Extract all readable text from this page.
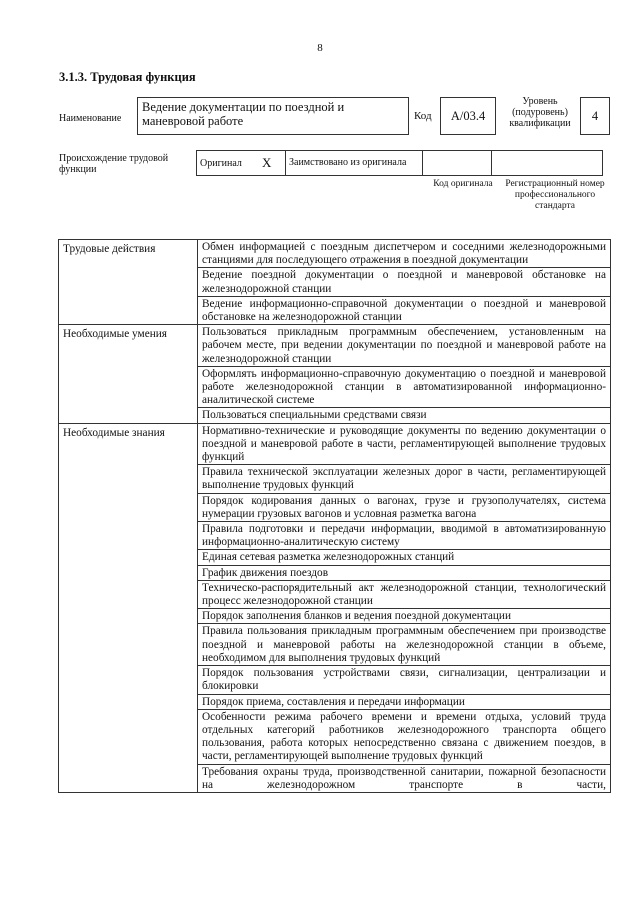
8
3.1.3. Трудовая функция
Наименование
Ведение документации по поездной и маневровой работе	Код	А/03.4
Уровень (подуровень) квалификации
4
Происхождение трудовой функции
Оригинал	X	Заимствовано из оригинала		
Код оригинала	Регистрационный номер профессионального стандарта
Трудовые действия	Обмен информацией с поездным диспетчером и соседними железнодорожными станциями для последующего отражения в поездной документации
	Ведение поездной документации о поездной и маневровой обстановке на железнодорожной станции
	Ведение информационно-справочной документации о поездной и маневровой обстановке на железнодорожной станции
Необходимые умения	Пользоваться прикладным программным обеспечением, установленным на рабочем месте, при ведении документации по поездной и маневровой работе на железнодорожной станции
	Оформлять информационно-справочную документацию о поездной и маневровой работе железнодорожной станции в автоматизированной информационно-аналитической системе
	Пользоваться специальными средствами связи
Необходимые знания	Нормативно-технические и руководящие документы по ведению документации о поездной и маневровой работе в части, регламентирующей выполнение трудовых функций
	Правила технической эксплуатации железных дорог в части, регламентирующей выполнение трудовых функций
	Порядок кодирования данных о вагонах, грузе и грузополучателях, система нумерации грузовых вагонов и условная разметка вагона
	Правила подготовки и передачи информации, вводимой в автоматизированную информационно-аналитическую систему
	Единая сетевая разметка железнодорожных станций
	График движения поездов
	Техническо-распорядительный акт железнодорожной станции, технологический процесс железнодорожной станции
	Порядок заполнения бланков и ведения поездной документации
	Правила пользования прикладным программным обеспечением при производстве поездной и маневровой работы на железнодорожной станции в объеме, необходимом для выполнения трудовых функций
	Порядок пользования устройствами связи, сигнализации, централизации и блокировки
	Порядок приема, составления и передачи информации
	Особенности режима рабочего времени и времени отдыха, условий труда отдельных категорий работников железнодорожного транспорта общего пользования, работа которых непосредственно связана с движением поездов, в части, регламентирующей выполнение трудовых функций
	Требования охраны труда, производственной санитарии, пожарной безопасности на железнодорожном транспорте в части,
